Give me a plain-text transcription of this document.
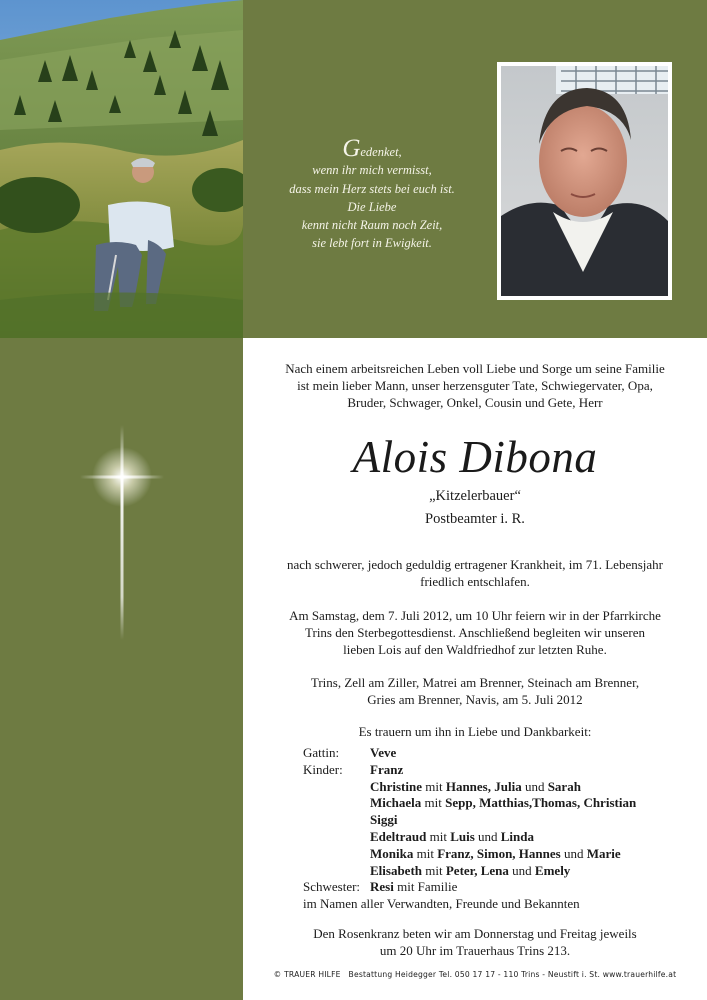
Gedenket,
wenn ihr mich vermisst,
dass mein Herz stets bei euch ist.
Die Liebe
kennt nicht Raum noch Zeit,
sie lebt fort in Ewigkeit.
Nach einem arbeitsreichen Leben voll Liebe und Sorge um seine Familie
ist mein lieber Mann, unser herzensguter Tate, Schwiegervater, Opa,
Bruder, Schwager, Onkel, Cousin und Gete, Herr
Alois Dibona
„Kitzelerbauer“
Postbeamter i. R.
nach schwerer, jedoch geduldig ertragener Krankheit, im 71. Lebensjahr
friedlich entschlafen.
Am Samstag, dem 7. Juli 2012, um 10 Uhr feiern wir in der Pfarrkirche
Trins den Sterbegottesdienst. Anschließend begleiten wir unseren
lieben Lois auf den Waldfriedhof zur letzten Ruhe.
Trins, Zell am Ziller, Matrei am Brenner, Steinach am Brenner,
Gries am Brenner, Navis, am 5. Juli 2012
Es trauern um ihn in Liebe und Dankbarkeit:
Gattin:	Veve
Kinder:	Franz
Christine mit Hannes, Julia und Sarah
Michaela mit Sepp, Matthias,Thomas, Christian
Siggi
Edeltraud mit Luis und Linda
Monika mit Franz, Simon, Hannes und Marie
Elisabeth mit Peter, Lena und Emely
Schwester: Resi mit Familie
im Namen aller Verwandten, Freunde und Bekannten
Den Rosenkranz beten wir am Donnerstag und Freitag jeweils
um 20 Uhr im Trauerhaus Trins 213.
© TRAUER HILFE Bestattung Heidegger Tel. 050 17 17 - 110 Trins - Neustift i. St. www.trauerhilfe.at
